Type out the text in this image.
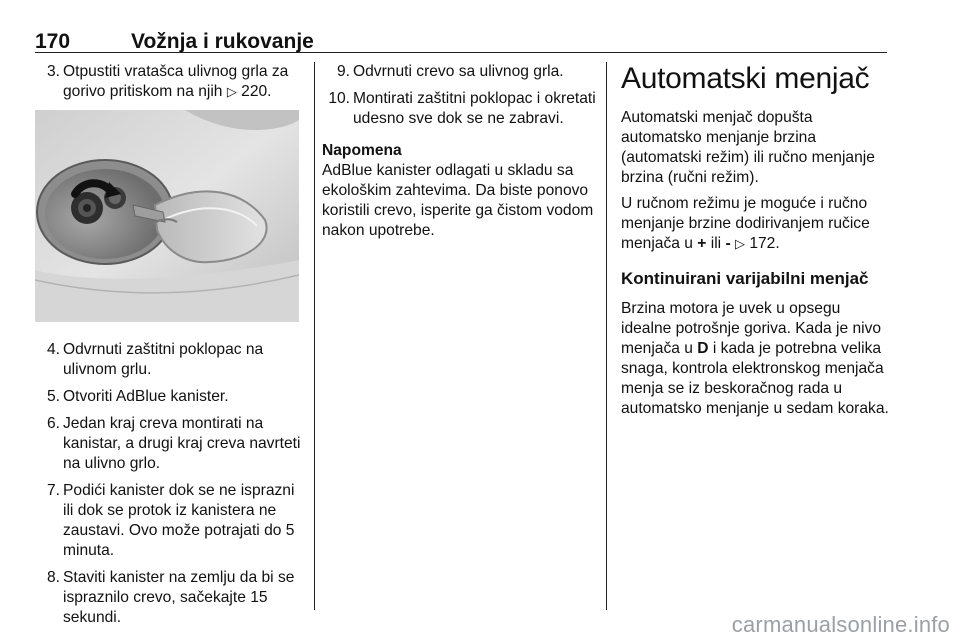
170	Vožnja i rukovanje
3. Otpustiti vratašca ulivnog grla za gorivo pritiskom na njih ▷ 220.
4. Odvrnuti zaštitni poklopac na ulivnom grlu.
5. Otvoriti AdBlue kanister.
6. Jedan kraj creva montirati na kanistar, a drugi kraj creva navrteti na ulivno grlo.
7. Podići kanister dok se ne isprazni ili dok se protok iz kanistera ne zaustavi. Ovo može potrajati do 5 minuta.
8. Staviti kanister na zemlju da bi se ispraznilo crevo, sačekajte 15 sekundi.
9. Odvrnuti crevo sa ulivnog grla.
10. Montirati zaštitni poklopac i okretati udesno sve dok se ne zabravi.
Napomena

AdBlue kanister odlagati u skladu sa ekološkim zahtevima. Da biste ponovo koristili crevo, isperite ga čistom vodom nakon upotrebe.

Automatski menjač

Automatski menjač dopušta automatsko menjanje brzina (automatski režim) ili ručno menjanje brzina (ručni režim).

U ručnom režimu je moguće i ručno menjanje brzine dodirivanjem ručice menjača u + ili - ▷ 172.

Kontinuirani varijabilni menjač

Brzina motora je uvek u opsegu idealne potrošnje goriva. Kada je nivo menjača u D i kada je potrebna velika snaga, kontrola elektronskog menjača menja se iz beskoračnog rada u automatsko menjanje u sedam koraka.

carmanualsonline.info
